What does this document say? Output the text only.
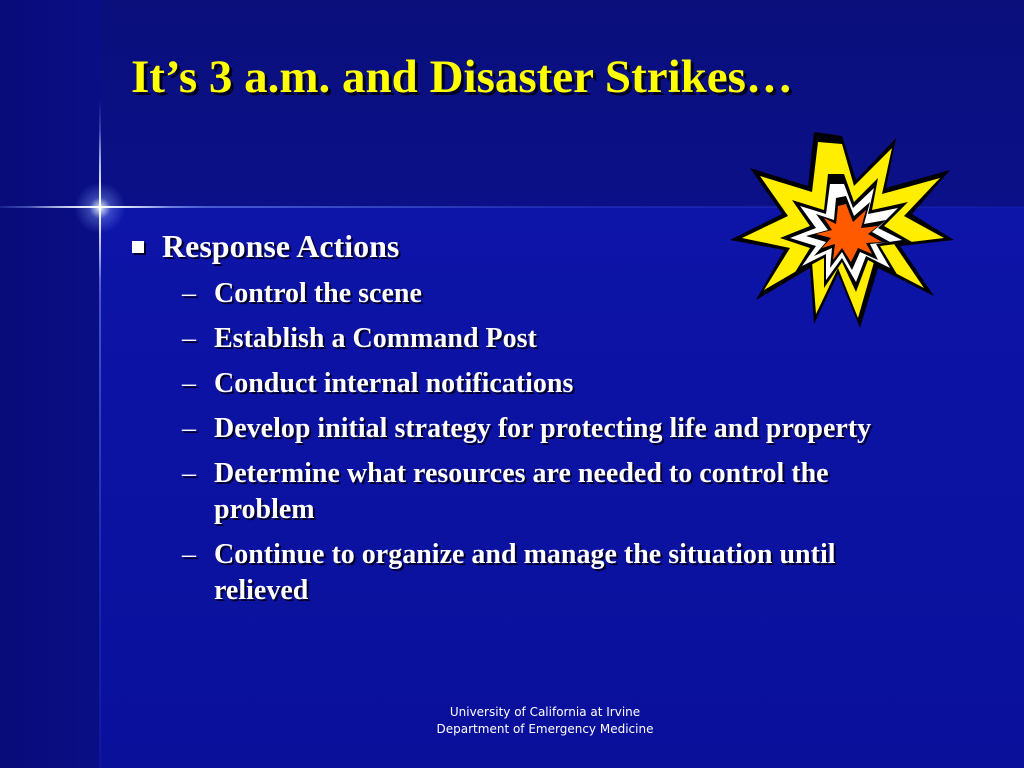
It’s 3 a.m. and Disaster Strikes…
Response Actions
– Control the scene
– Establish a Command Post
– Conduct internal notifications
– Develop initial strategy for protecting life and property
– Determine what resources are needed to control the problem
– Continue to organize and manage the situation until relieved
University of California at Irvine
Department of Emergency Medicine
